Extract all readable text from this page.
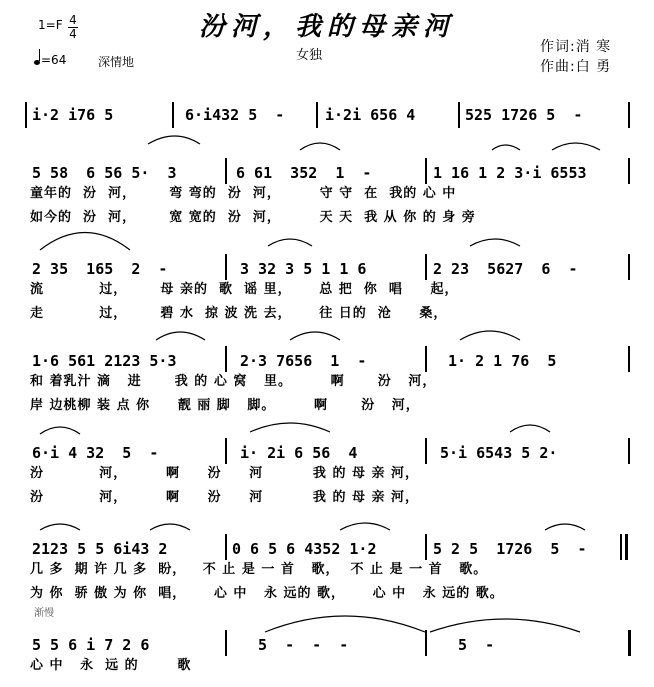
汾河，我的母亲河
女独
1=F 4
4
=64	深情地
作词:消 寒
作曲:白 勇
i·2 i76 5	6·i432 5  -	i·2i 656 4	525 1726 5  -
5 58  6 56 5·  3	6 61  352  1  -	1 16 1 2 3·i 6553
童年的  汾  河，      弯 弯的  汾  河，       守 守  在  我的 心 中
如今的  汾  河，      宽 宽的  汾  河，       天 天  我 从 你 的 身 旁
2 35  165  2  -	3 32 3 5 1 1 6	2 23  5627  6  -
流          过，      母 亲的  歌  谣 里，     总 把  你  唱     起，
走          过，      碧 水  掠 波 洗 去，     往 日的  沧     桑，
1·6 561 2123 5·3	2·3 7656  1  -	1· 2 1 76  5
和 着乳汁 滴   进      我 的 心 窝   里。       啊      汾   河，
岸 边桃柳 装 点 你     靓 丽 脚   脚。       啊      汾   河，
6·i 4 32  5  -	i· 2i 6 56  4	5·i 6543 5 2·
汾          河，       啊     汾     河         我 的 母 亲 河，
汾          河，       啊     汾     河         我 的 母 亲 河，
2123 5 5 6i43 2	0 6 5 6 4352 1·2	5 2 5  1726  5  -
几 多  期 许 几 多  盼，   不 止 是 一 首   歌，  不 止 是 一 首   歌。
为 你  骄 傲 为 你  唱，     心 中   永 远的 歌，     心 中   永 远的 歌。
渐慢
5 5 6 i 7 2 6	5  -  -  -	5  -
心 中   永  远 的       歌
